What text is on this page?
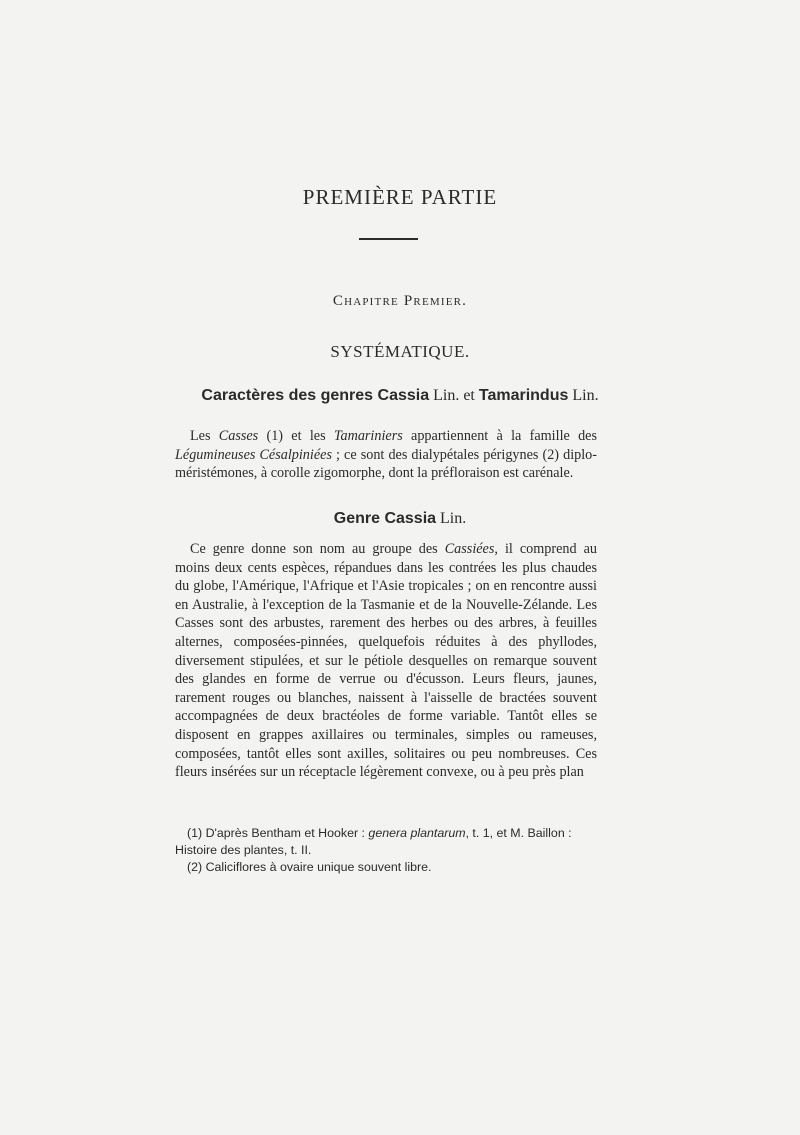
PREMIÈRE PARTIE
Chapitre Premier.
SYSTÉMATIQUE.
Caractères des genres Cassia Lin. et Tamarindus Lin.

Les Casses (1) et les Tamariniers appartiennent à la famille des Légumineuses Césalpiniées ; ce sont des dialypétales périgynes (2) diplo-méristémones, à corolle zigomorphe, dont la préfloraison est carénale.

Genre Cassia Lin.

Ce genre donne son nom au groupe des Cassiées, il comprend au moins deux cents espèces, répandues dans les contrées les plus chaudes du globe, l'Amérique, l'Afrique et l'Asie tropicales ; on en rencontre aussi en Australie, à l'exception de la Tasmanie et de la Nouvelle-Zélande. Les Casses sont des arbustes, rarement des herbes ou des arbres, à feuilles alternes, composées-pinnées, quelquefois réduites à des phyllodes, diversement stipulées, et sur le pétiole desquelles on remarque souvent des glandes en forme de verrue ou d'écusson. Leurs fleurs, jaunes, rarement rouges ou blanches, naissent à l'aisselle de bractées souvent accompagnées de deux bractéoles de forme variable. Tantôt elles se disposent en grappes axillaires ou terminales, simples ou rameuses, composées, tantôt elles sont axilles, solitaires ou peu nombreuses. Ces fleurs insérées sur un réceptacle légèrement convexe, ou à peu près plan

(1) D'après Bentham et Hooker : genera plantarum, t. 1, et M. Baillon : Histoire des plantes, t. II.

(2) Caliciflores à ovaire unique souvent libre.
